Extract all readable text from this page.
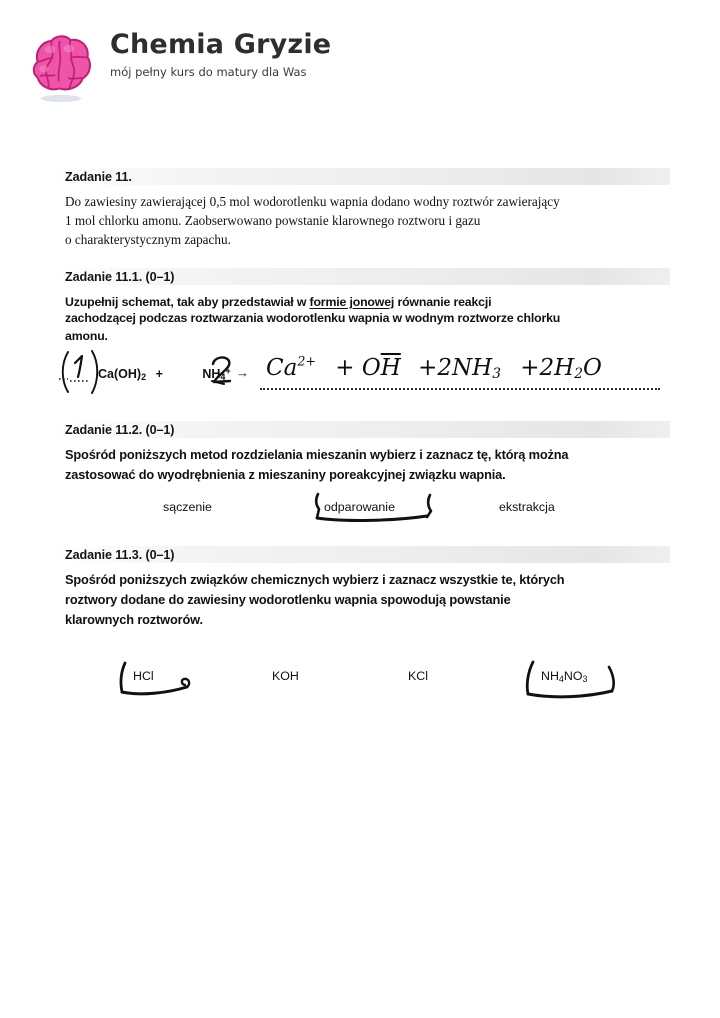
Chemia Gryzie
mój pełny kurs do matury dla Was
Zadanie 11.
Do zawiesiny zawierającej 0,5 mol wodorotlenku wapnia dodano wodny roztwór zawierający
1 mol chlorku amonu. Zaobserwowano powstanie klarownego roztworu i gazu
o charakterystycznym zapachu.
Zadanie 11.1. (0–1)
Uzupełnij schemat, tak aby przedstawiał w formie jonowej równanie reakcji
zachodzącej podczas roztwarzania wodorotlenku wapnia w wodnym roztworze chlorku
amonu.
$Ca(OH)_2$ +	$NH_4^+ \to Ca^{2+} + O\overline{H} +2NH_3 +2H_2O$
Zadanie 11.2. (0–1)
Spośród poniższych metod rozdzielania mieszanin wybierz i zaznacz tę, którą można
zastosować do wyodrębnienia z mieszaniny poreakcyjnej związku wapnia.
sączenie	odparowanie	ekstrakcja
Zadanie 11.3. (0–1)
Spośród poniższych związków chemicznych wybierz i zaznacz wszystkie te, których
roztwory dodane do zawiesiny wodorotlenku wapnia spowodują powstanie
klarownych roztworów.
HCl	KOH	KCl	$NH_4NO_3$
